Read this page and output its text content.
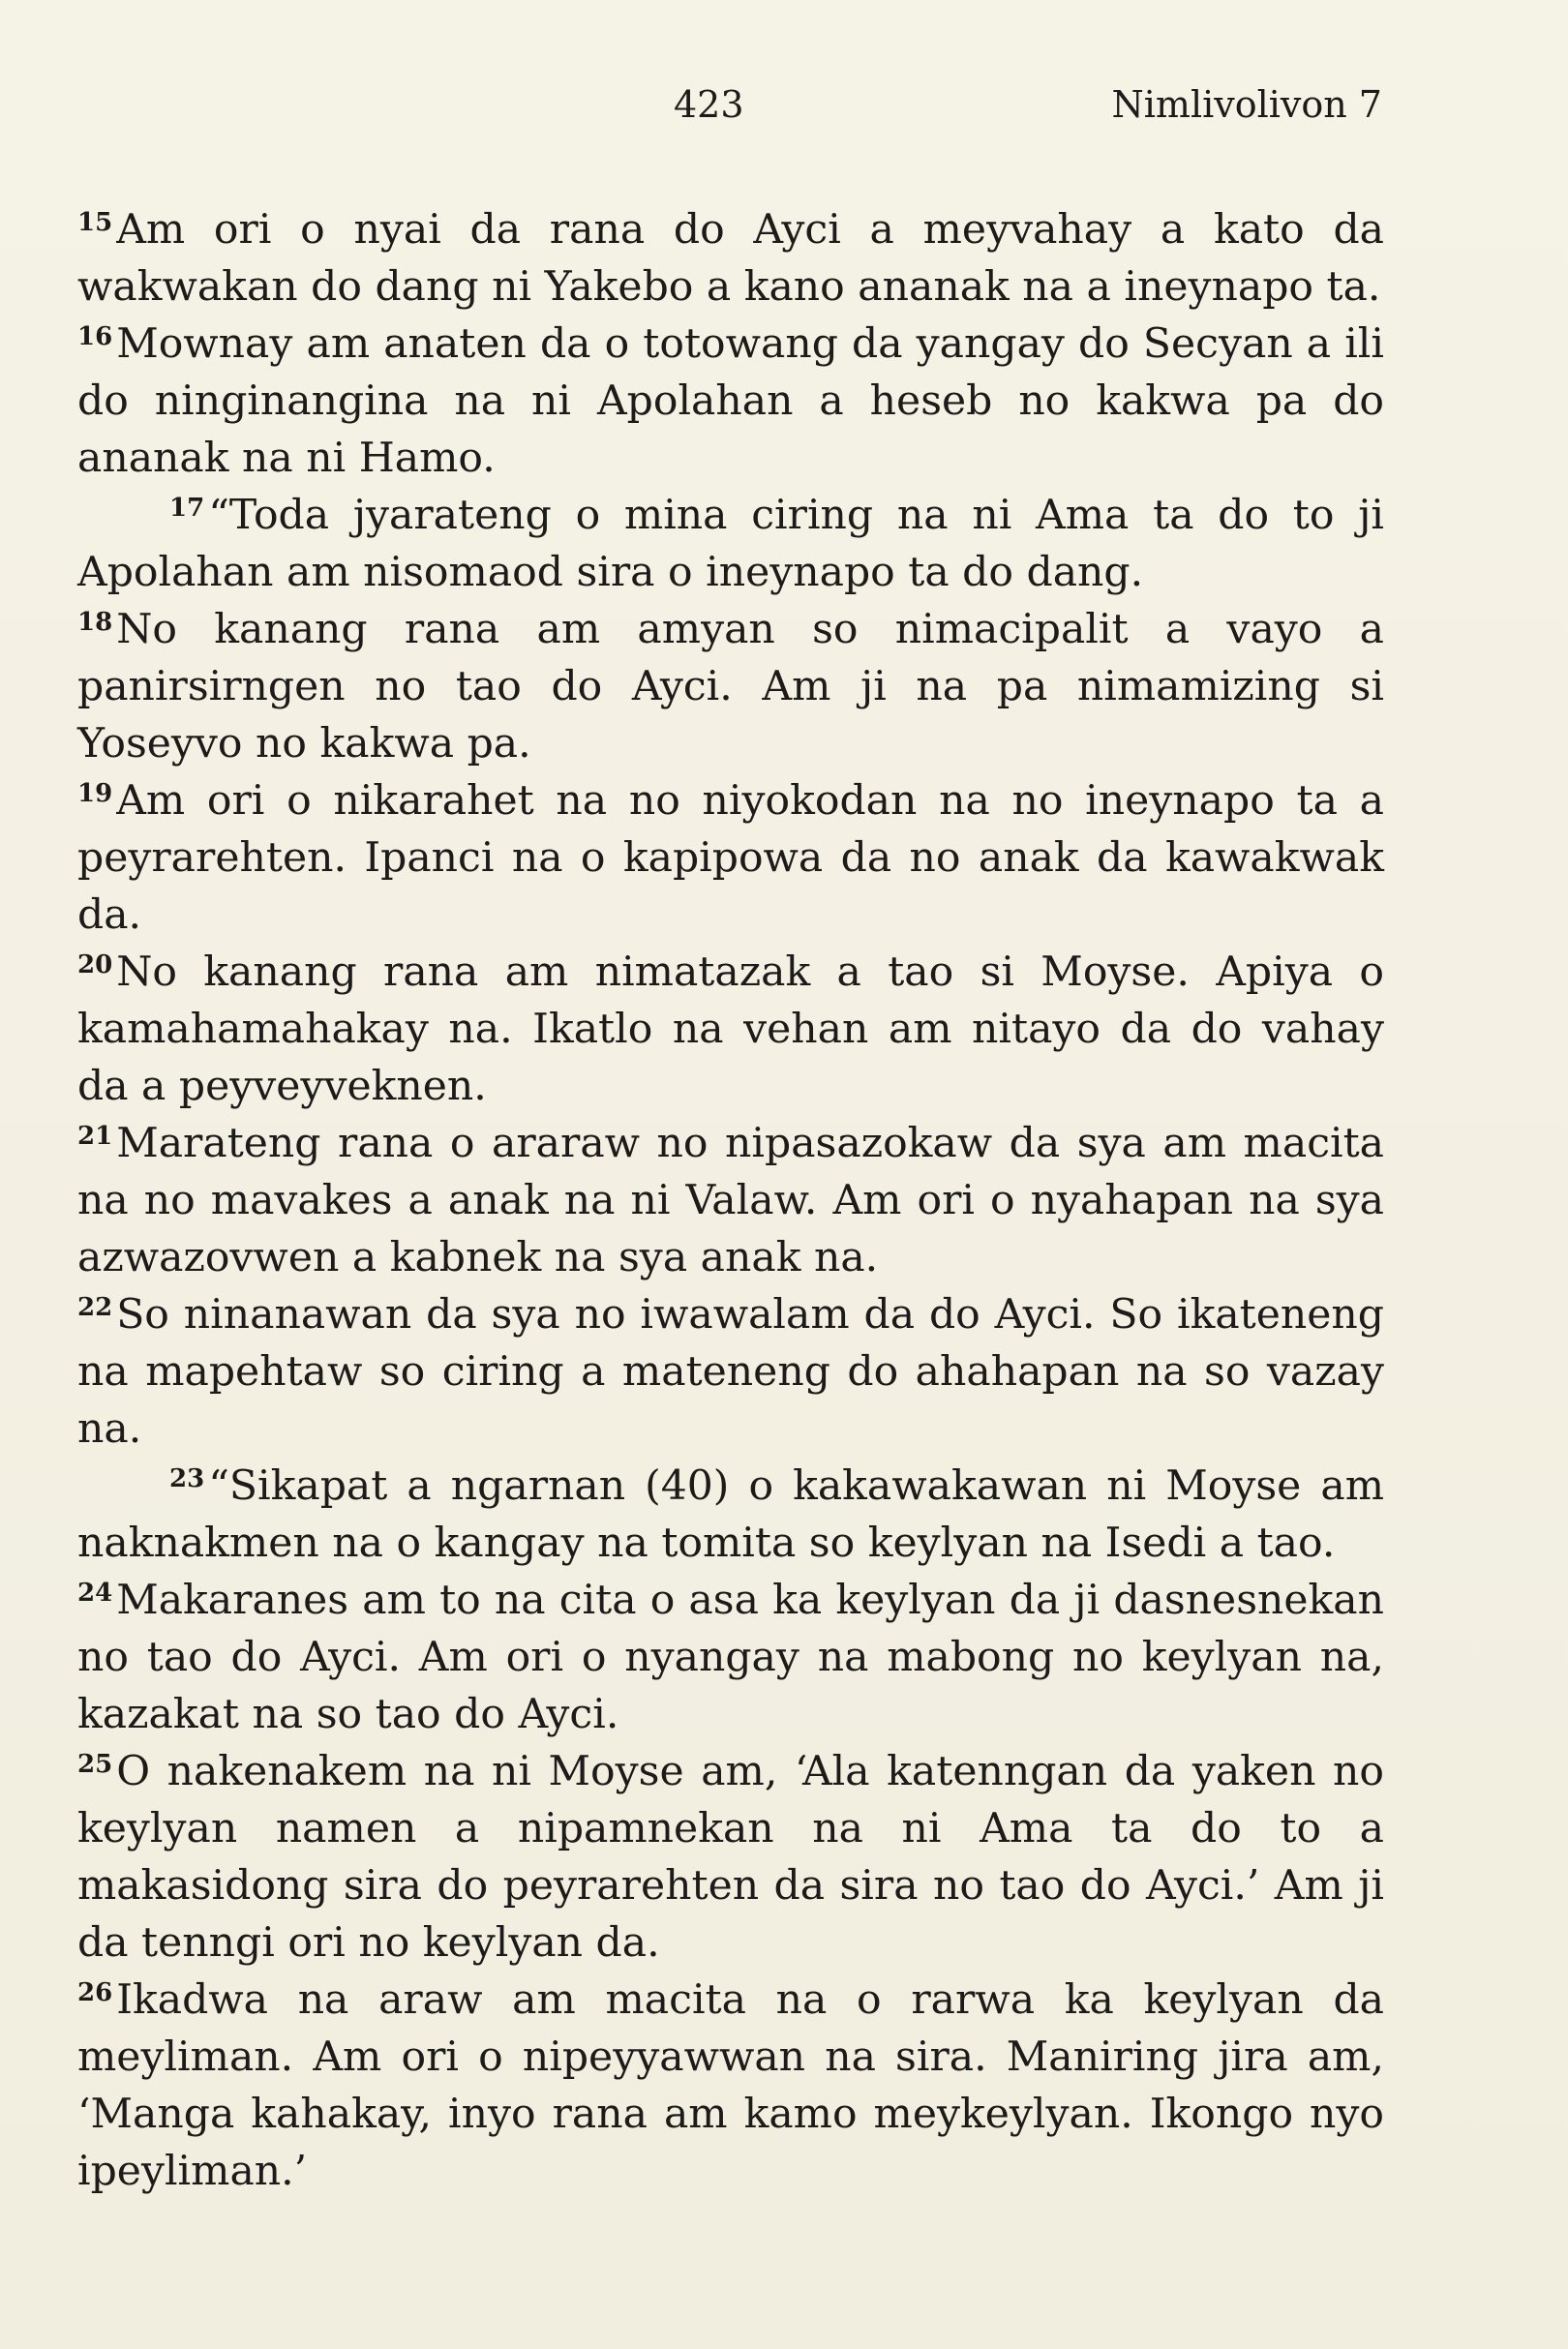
423	Nimlivolivon 7

$^{15}$Am ori o nyai da rana do Ayci a meyvahay a kato da wakwakan do dang ni Yakebo a kano ananak na a ineynapo ta.

$^{16}$Mownay am anaten da o totowang da yangay do Secyan a ili do ninginangina na ni Apolahan a heseb no kakwa pa do ananak na ni Hamo.

$^{17}$“Toda jyarateng o mina ciring na ni Ama ta do to ji Apolahan am nisomaod sira o ineynapo ta do dang.

$^{18}$No kanang rana am amyan so nimacipalit a vayo a panirsirngen no tao do Ayci. Am ji na pa nimamizing si Yoseyvo no kakwa pa.

$^{19}$Am ori o nikarahet na no niyokodan na no ineynapo ta a peyrarehten. Ipanci na o kapipowa da no anak da kawakwak da.

$^{20}$No kanang rana am nimatazak a tao si Moyse. Apiya o kamahamahakay na. Ikatlo na vehan am nitayo da do vahay da a peyveyveknen.

$^{21}$Marateng rana o araraw no nipasazokaw da sya am macita na no mavakes a anak na ni Valaw. Am ori o nyahapan na sya azwazovwen a kabnek na sya anak na.

$^{22}$So ninanawan da sya no iwawalam da do Ayci. So ikateneng na mapehtaw so ciring a mateneng do ahahapan na so vazay na.

$^{23}$“Sikapat a ngarnan (40) o kakawakawan ni Moyse am naknakmen na o kangay na tomita so keylyan na Isedi a tao.

$^{24}$Makaranes am to na cita o asa ka keylyan da ji dasnesnekan no tao do Ayci. Am ori o nyangay na mabong no keylyan na, kazakat na so tao do Ayci.

$^{25}$O nakenakem na ni Moyse am, ‘Ala katenngan da yaken no keylyan namen a nipamnekan na ni Ama ta do to a makasidong sira do peyrarehten da sira no tao do Ayci.’ Am ji da tenngi ori no keylyan da.

$^{26}$Ikadwa na araw am macita na o rarwa ka keylyan da meyliman. Am ori o nipeyyawwan na sira. Maniring jira am, ‘Manga kahakay, inyo rana am kamo meykeylyan. Ikongo nyo ipeyliman.’
